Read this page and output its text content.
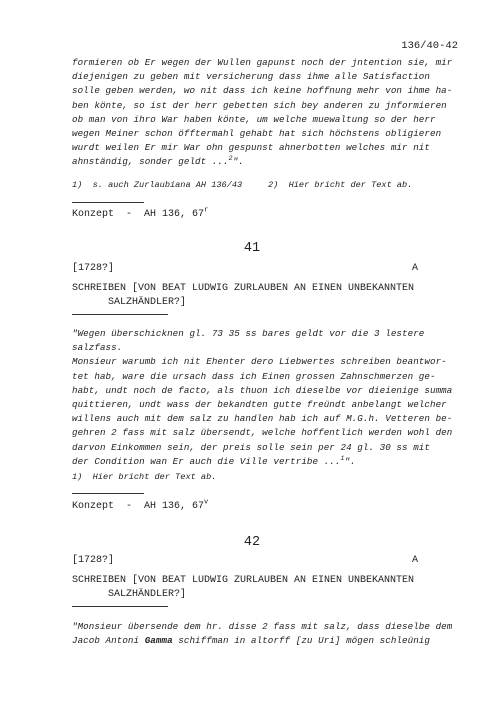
136/40-42
formieren ob Er wegen der Wullen gapunst noch der jntention sie, mir
diejenigen zu geben mit versicherung dass ihme alle Satisfaction
solle geben werden, wo nit dass ich keine hoffnung mehr von ihme ha-
ben könte, so ist der herr gebetten sich bey anderen zu jnformieren
ob man von ihro War haben könte, um welche muewaltung so der herr
wegen Meiner schon öfftermahl gehabt hat sich höchstens obligieren
wurdt weilen Er mir War ohn gespunst ahnerbotten welches mir nit
ahnständig, sonder geldt ...$^2$".
1)  s. auch Zurlaubiana AH 136/43     2)  Hier bricht der Text ab.
Konzept  -  AH 136, 67$^r$
41
[1728?]	A
SCHREIBEN [VON BEAT LUDWIG ZURLAUBEN AN EINEN UNBEKANNTEN
SALZHÄNDLER?]
"Wegen überschicknen gl. 73 35 ss bares geldt vor die 3 lestere
salzfass.
Monsieur warumb ich nit Ehenter dero Liebwertes schreiben beantwor-
tet hab, ware die ursach dass ich Einen grossen Zahnschmerzen ge-
habt, undt noch de facto, als thuon ich dieselbe vor dieienige summa
quittieren, undt wass der bekandten gutte freündt anbelangt welcher
willens auch mit dem salz zu handlen hab ich auf M.G.h. Vetteren be-
gehren 2 fass mit salz übersendt, welche hoffentlich werden wohl den
darvon Einkommen sein, der preis solle sein per 24 gl. 30 ss mit
der Condition wan Er auch die Ville vertribe ...$^1$".
1)  Hier bricht der Text ab.
Konzept  -  AH 136, 67$^v$
42
[1728?]	A
SCHREIBEN [VON BEAT LUDWIG ZURLAUBEN AN EINEN UNBEKANNTEN
SALZHÄNDLER?]
"Monsieur übersende dem hr. disse 2 fass mit salz, dass dieselbe dem
Jacob Antoni Gamma schiffman in altorff [zu Uri] mögen schleünig
